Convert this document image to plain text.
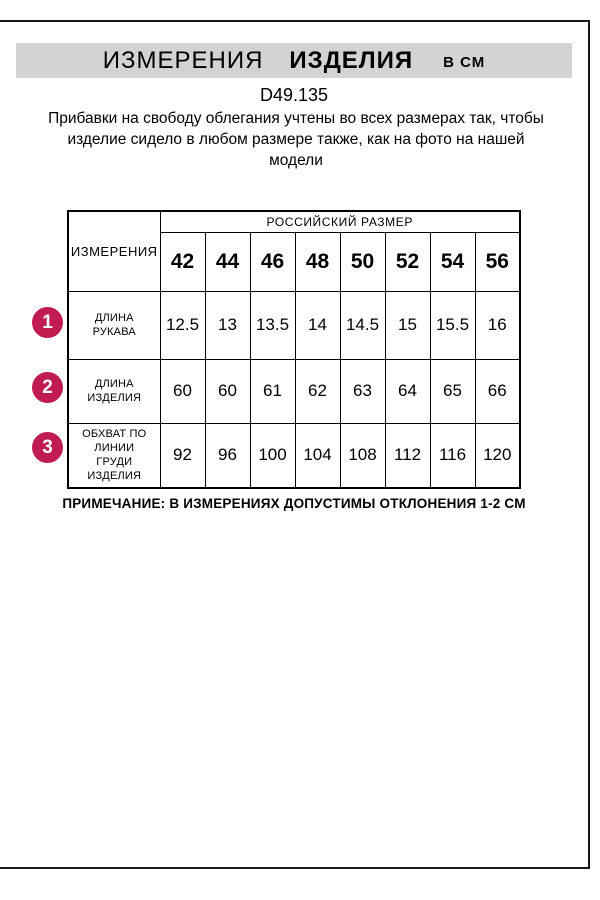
ИЗМЕРЕНИЯ ИЗДЕЛИЯ В СМ
D49.135
Прибавки на свободу облегания учтены во всех размерах так, чтобы
изделие сидело в любом размере также, как на фото на нашей
модели
ИЗМЕРЕНИЯ	РОССИЙСКИЙ РАЗМЕР							
	42	44	46	48	50	52	54	56
ДЛИНА РУКАВА	12.5	13	13.5	14	14.5	15	15.5	16
ДЛИНА ИЗДЕЛИЯ	60	60	61	62	63	64	65	66
ОБХВАТ ПО ЛИНИИ ГРУДИ ИЗДЕЛИЯ	92	96	100	104	108	112	116	120
1
2
3
ПРИМЕЧАНИЕ: В ИЗМЕРЕНИЯХ ДОПУСТИМЫ ОТКЛОНЕНИЯ 1-2 СМ
